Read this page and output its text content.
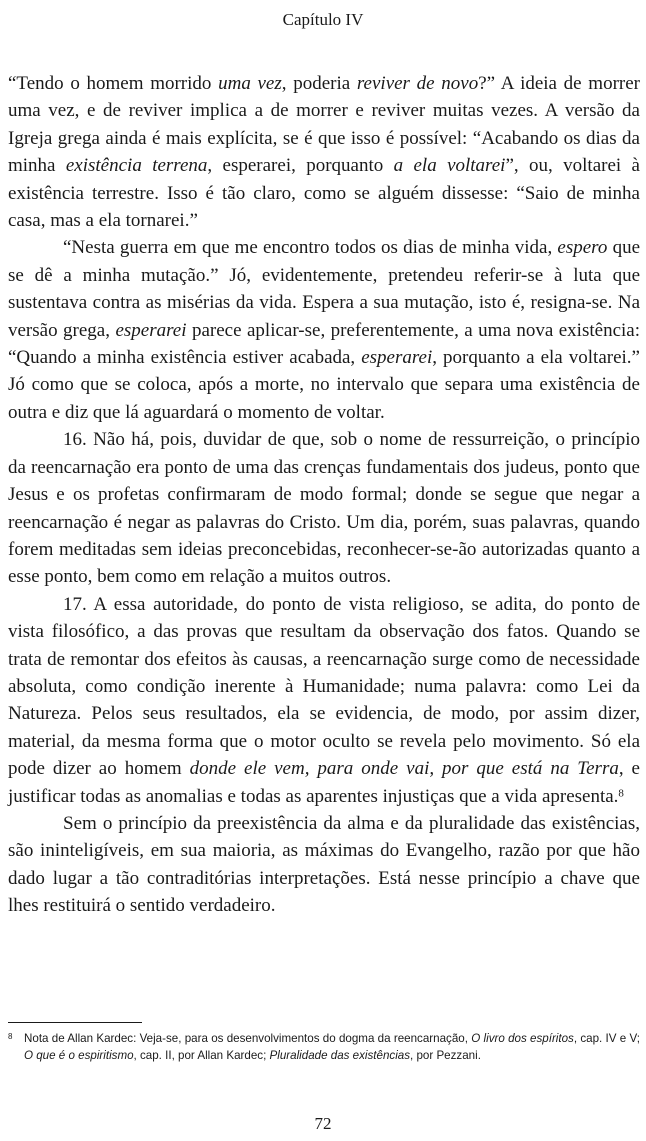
Capítulo IV

“Tendo o homem morrido uma vez, poderia reviver de novo?” A ideia de morrer uma vez, e de reviver implica a de morrer e reviver muitas vezes. A versão da Igreja grega ainda é mais explícita, se é que isso é possível: “Acabando os dias da minha existência terrena, esperarei, porquanto a ela voltarei”, ou, voltarei à existência terrestre. Isso é tão claro, como se alguém dissesse: “Saio de minha casa, mas a ela tornarei.”

“Nesta guerra em que me encontro todos os dias de minha vida, espero que se dê a minha mutação.” Jó, evidentemente, pretendeu referir-se à luta que sustentava contra as misérias da vida. Espera a sua mutação, isto é, resigna-se. Na versão grega, esperarei parece aplicar-se, preferentemente, a uma nova existência: “Quando a minha existência estiver acabada, esperarei, porquanto a ela voltarei.” Jó como que se coloca, após a morte, no intervalo que separa uma existência de outra e diz que lá aguardará o momento de voltar.

16. Não há, pois, duvidar de que, sob o nome de ressurreição, o princípio da reencarnação era ponto de uma das crenças fundamentais dos judeus, ponto que Jesus e os profetas confirmaram de modo formal; donde se segue que negar a reencarnação é negar as palavras do Cristo. Um dia, porém, suas palavras, quando forem meditadas sem ideias preconcebidas, reconhecer-se-ão autorizadas quanto a esse ponto, bem como em relação a muitos outros.

17. A essa autoridade, do ponto de vista religioso, se adita, do ponto de vista filosófico, a das provas que resultam da observação dos fatos. Quando se trata de remontar dos efeitos às causas, a reencarnação surge como de necessidade absoluta, como condição inerente à Humanidade; numa palavra: como Lei da Natureza. Pelos seus resultados, ela se evidencia, de modo, por assim dizer, material, da mesma forma que o motor oculto se revela pelo movimento. Só ela pode dizer ao homem donde ele vem, para onde vai, por que está na Terra, e justificar todas as anomalias e todas as aparentes injustiças que a vida apresenta.$^8$

Sem o princípio da preexistência da alma e da pluralidade das existências, são ininteligíveis, em sua maioria, as máximas do Evangelho, razão por que hão dado lugar a tão contraditórias interpretações. Está nesse princípio a chave que lhes restituirá o sentido verdadeiro.

8 Nota de Allan Kardec: Veja-se, para os desenvolvimentos do dogma da reencarnação, O livro dos espíritos, cap. IV e V; O que é o espiritismo, cap. II, por Allan Kardec; Pluralidade das existências, por Pezzani.
72
